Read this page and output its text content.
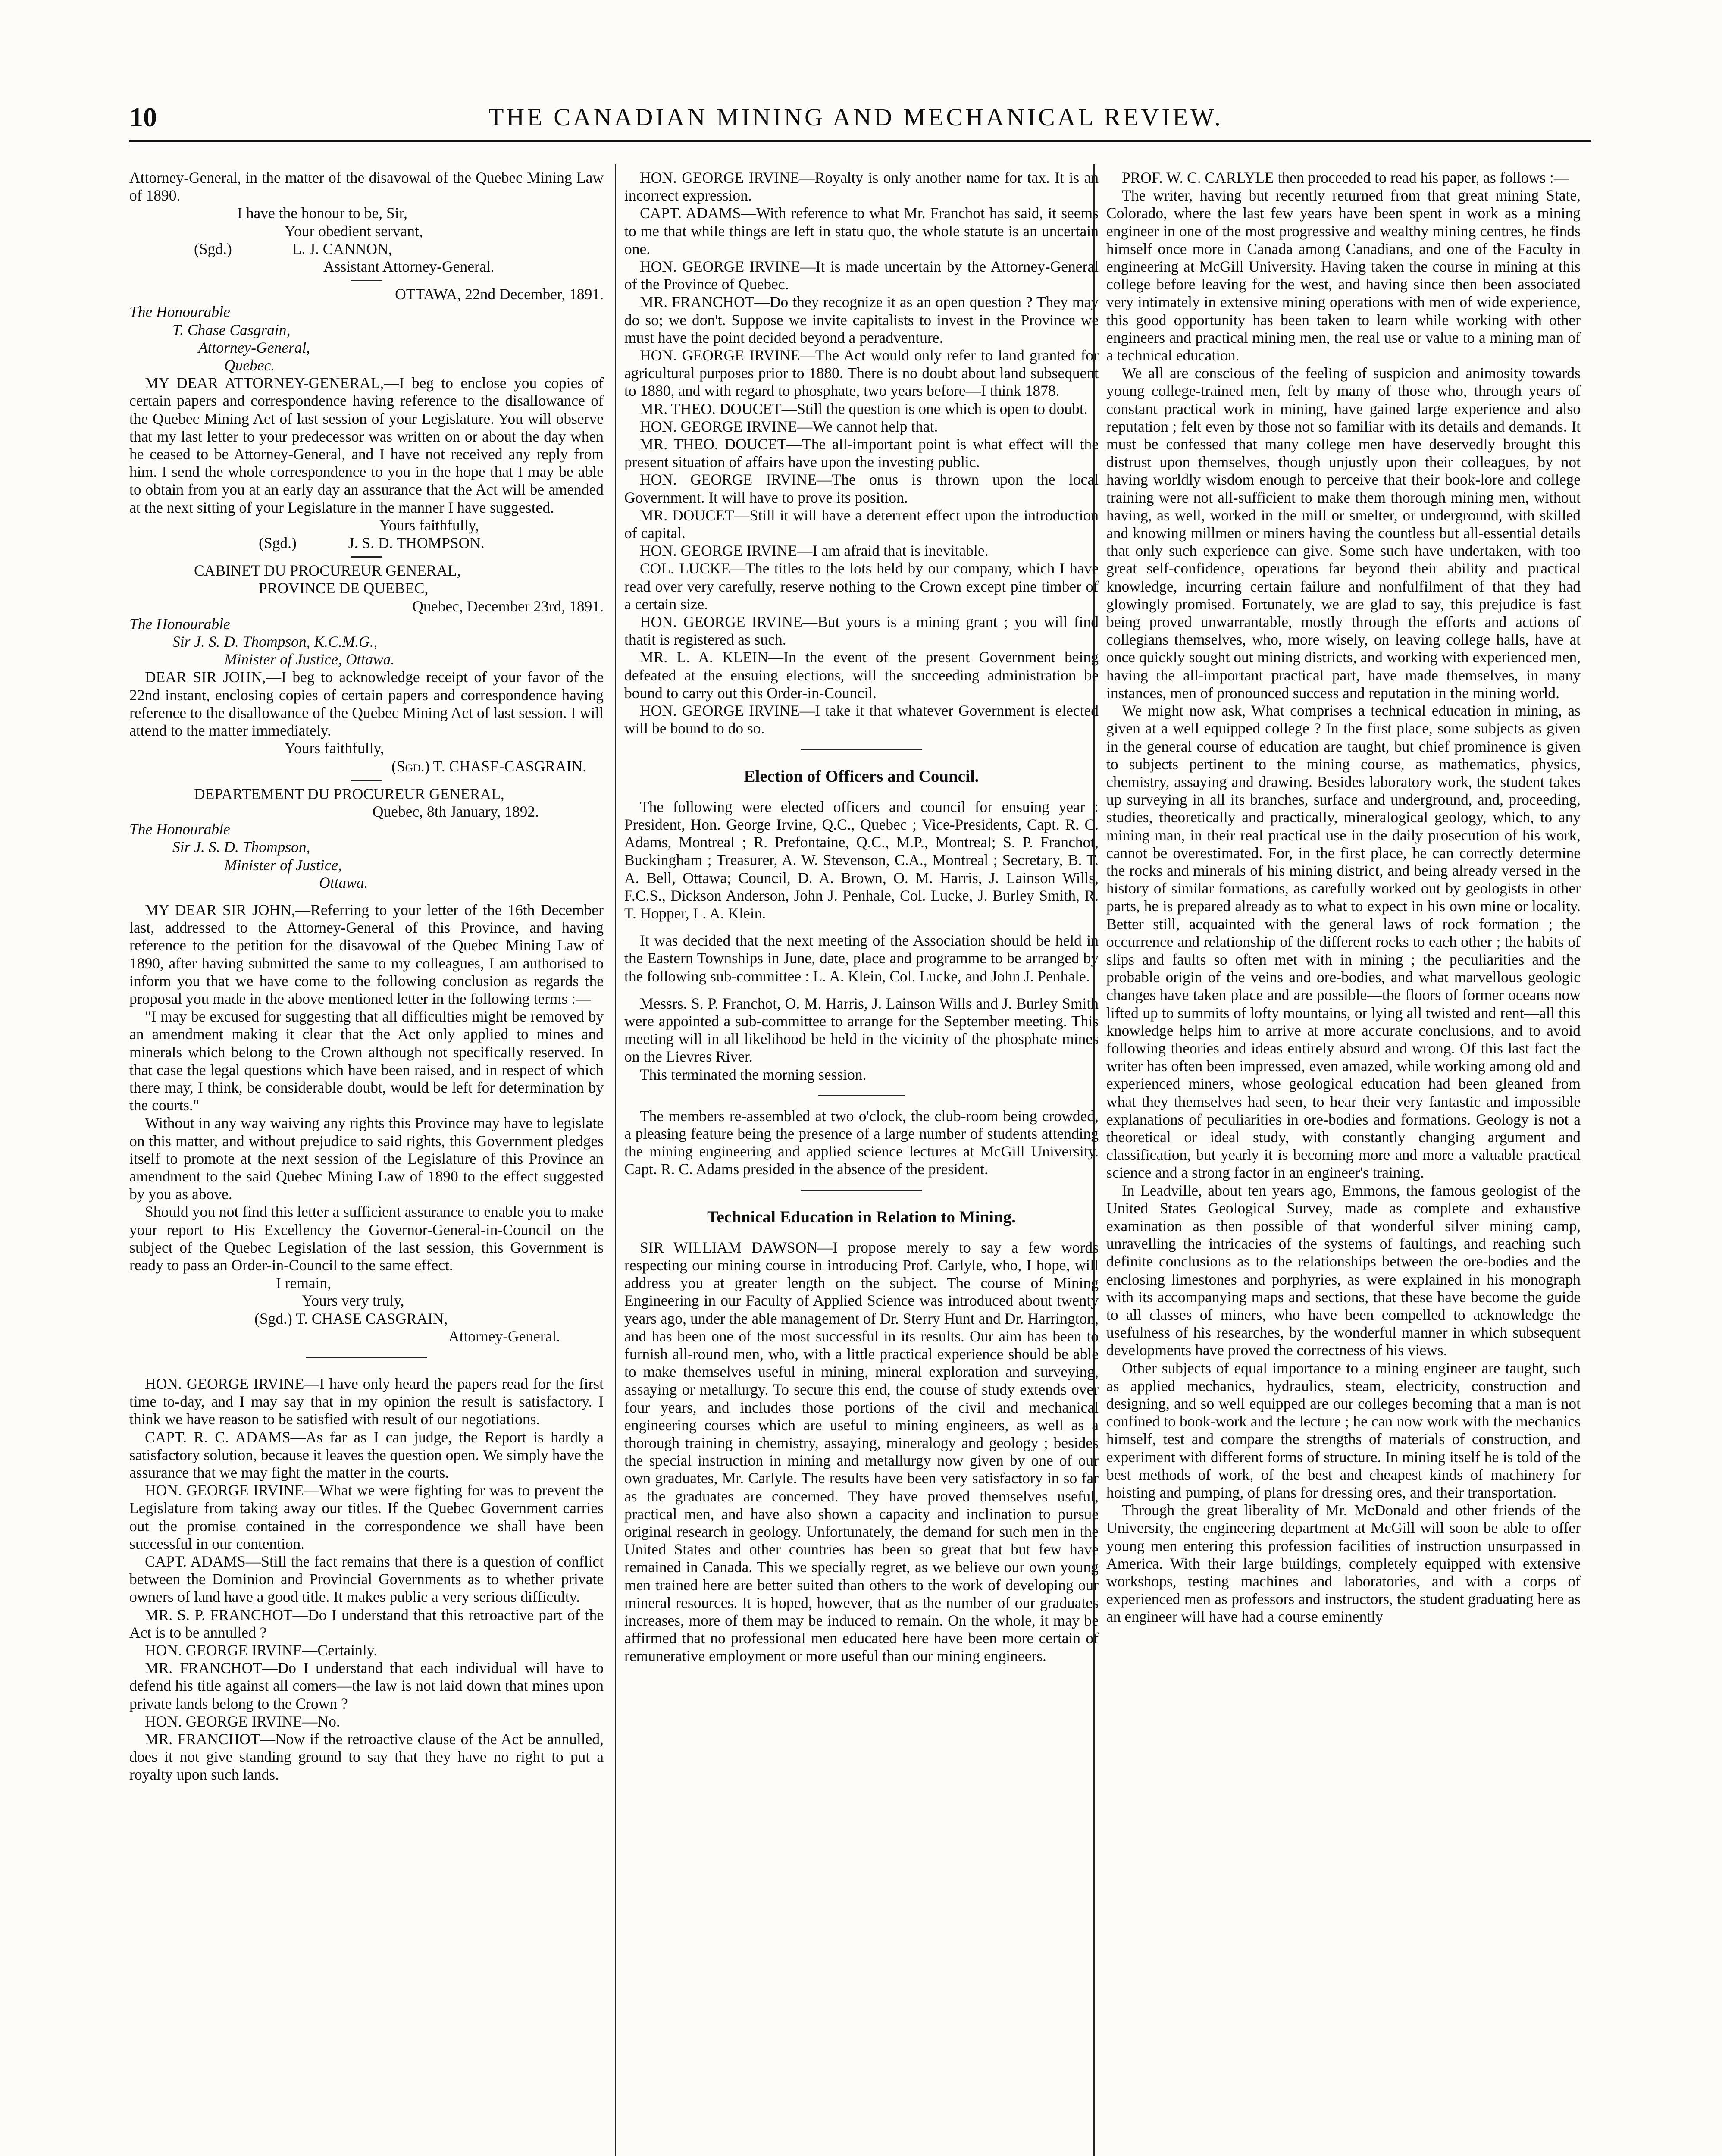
10	THE CANADIAN MINING AND MECHANICAL REVIEW.

Attorney-General, in the matter of the disavowal of the Quebec Mining Law of 1890.

I have the honour to be, Sir,

Your obedient servant,

(Sgd.)	L. J. CANNON,

Assistant Attorney-General.

OTTAWA, 22nd December, 1891.

The Honourable

T. Chase Casgrain,

Attorney-General,

Quebec.

MY DEAR ATTORNEY-GENERAL,—I beg to enclose you copies of certain papers and correspondence having reference to the disallowance of the Quebec Mining Act of last session of your Legislature. You will observe that my last letter to your predecessor was written on or about the day when he ceased to be Attorney-General, and I have not received any reply from him. I send the whole correspondence to you in the hope that I may be able to obtain from you at an early day an assurance that the Act will be amended at the next sitting of your Legislature in the manner I have suggested.

Yours faithfully,

(Sgd.)	J. S. D. THOMPSON.

CABINET DU PROCUREUR GENERAL,

PROVINCE DE QUEBEC,

Quebec, December 23rd, 1891.

The Honourable

Sir J. S. D. Thompson, K.C.M.G.,

Minister of Justice, Ottawa.

DEAR SIR JOHN,—I beg to acknowledge receipt of your favor of the 22nd instant, enclosing copies of certain papers and correspondence having reference to the disallowance of the Quebec Mining Act of last session. I will attend to the matter immediately.

Yours faithfully,

(Sgd.) T. CHASE-CASGRAIN.

DEPARTEMENT DU PROCUREUR GENERAL,

Quebec, 8th January, 1892.

The Honourable

Sir J. S. D. Thompson,

Minister of Justice,

Ottawa.

MY DEAR SIR JOHN,—Referring to your letter of the 16th December last, addressed to the Attorney-General of this Province, and having reference to the petition for the disavowal of the Quebec Mining Law of 1890, after having submitted the same to my colleagues, I am authorised to inform you that we have come to the following conclusion as regards the proposal you made in the above mentioned letter in the following terms :—

"I may be excused for suggesting that all difficulties might be removed by an amendment making it clear that the Act only applied to mines and minerals which belong to the Crown although not specifically reserved. In that case the legal questions which have been raised, and in respect of which there may, I think, be considerable doubt, would be left for determination by the courts."

Without in any way waiving any rights this Province may have to legislate on this matter, and without prejudice to said rights, this Government pledges itself to promote at the next session of the Legislature of this Province an amendment to the said Quebec Mining Law of 1890 to the effect suggested by you as above.

Should you not find this letter a sufficient assurance to enable you to make your report to His Excellency the Governor-General-in-Council on the subject of the Quebec Legislation of the last session, this Government is ready to pass an Order-in-Council to the same effect.

I remain,

Yours very truly,

(Sgd.) T. CHASE CASGRAIN,

Attorney-General.

HON. GEORGE IRVINE—I have only heard the papers read for the first time to-day, and I may say that in my opinion the result is satisfactory. I think we have reason to be satisfied with result of our negotiations.

CAPT. R. C. ADAMS—As far as I can judge, the Report is hardly a satisfactory solution, because it leaves the question open. We simply have the assurance that we may fight the matter in the courts.

HON. GEORGE IRVINE—What we were fighting for was to prevent the Legislature from taking away our titles. If the Quebec Government carries out the promise contained in the correspondence we shall have been successful in our contention.

CAPT. ADAMS—Still the fact remains that there is a question of conflict between the Dominion and Provincial Governments as to whether private owners of land have a good title. It makes public a very serious difficulty.

MR. S. P. FRANCHOT—Do I understand that this retroactive part of the Act is to be annulled ?

HON. GEORGE IRVINE—Certainly.

MR. FRANCHOT—Do I understand that each individual will have to defend his title against all comers—the law is not laid down that mines upon private lands belong to the Crown ?

HON. GEORGE IRVINE—No.

MR. FRANCHOT—Now if the retroactive clause of the Act be annulled, does it not give standing ground to say that they have no right to put a royalty upon such lands.

HON. GEORGE IRVINE—Royalty is only another name for tax. It is an incorrect expression.

CAPT. ADAMS—With reference to what Mr. Franchot has said, it seems to me that while things are left in statu quo, the whole statute is an uncertain one.

HON. GEORGE IRVINE—It is made uncertain by the Attorney-General of the Province of Quebec.

MR. FRANCHOT—Do they recognize it as an open question ? They may do so; we don't. Suppose we invite capitalists to invest in the Province we must have the point decided beyond a peradventure.

HON. GEORGE IRVINE—The Act would only refer to land granted for agricultural purposes prior to 1880. There is no doubt about land subsequent to 1880, and with regard to phosphate, two years before—I think 1878.

MR. THEO. DOUCET—Still the question is one which is open to doubt.

HON. GEORGE IRVINE—We cannot help that.

MR. THEO. DOUCET—The all-important point is what effect will the present situation of affairs have upon the investing public.

HON. GEORGE IRVINE—The onus is thrown upon the local Government. It will have to prove its position.

MR. DOUCET—Still it will have a deterrent effect upon the introduction of capital.

HON. GEORGE IRVINE—I am afraid that is inevitable.

COL. LUCKE—The titles to the lots held by our company, which I have read over very carefully, reserve nothing to the Crown except pine timber of a certain size.

HON. GEORGE IRVINE—But yours is a mining grant ; you will find thatit is registered as such.

MR. L. A. KLEIN—In the event of the present Government being defeated at the ensuing elections, will the succeeding administration be bound to carry out this Order-in-Council.

HON. GEORGE IRVINE—I take it that whatever Government is elected will be bound to do so.

Election of Officers and Council.

The following were elected officers and council for ensuing year : President, Hon. George Irvine, Q.C., Quebec ; Vice-Presidents, Capt. R. C. Adams, Montreal ; R. Prefontaine, Q.C., M.P., Montreal; S. P. Franchot, Buckingham ; Treasurer, A. W. Stevenson, C.A., Montreal ; Secretary, B. T. A. Bell, Ottawa; Council, D. A. Brown, O. M. Harris, J. Lainson Wills, F.C.S., Dickson Anderson, John J. Penhale, Col. Lucke, J. Burley Smith, R. T. Hopper, L. A. Klein.

It was decided that the next meeting of the Association should be held in the Eastern Townships in June, date, place and programme to be arranged by the following sub-committee : L. A. Klein, Col. Lucke, and John J. Penhale.

Messrs. S. P. Franchot, O. M. Harris, J. Lainson Wills and J. Burley Smith were appointed a sub-committee to arrange for the September meeting. This meeting will in all likelihood be held in the vicinity of the phosphate mines on the Lievres River.

This terminated the morning session.

The members re-assembled at two o'clock, the club-room being crowded, a pleasing feature being the presence of a large number of students attending the mining engineering and applied science lectures at McGill University. Capt. R. C. Adams presided in the absence of the president.

Technical Education in Relation to Mining.

SIR WILLIAM DAWSON—I propose merely to say a few words respecting our mining course in introducing Prof. Carlyle, who, I hope, will address you at greater length on the subject. The course of Mining Engineering in our Faculty of Applied Science was introduced about twenty years ago, under the able management of Dr. Sterry Hunt and Dr. Harrington, and has been one of the most successful in its results. Our aim has been to furnish all-round men, who, with a little practical experience should be able to make themselves useful in mining, mineral exploration and surveying, assaying or metallurgy. To secure this end, the course of study extends over four years, and includes those portions of the civil and mechanical engineering courses which are useful to mining engineers, as well as a thorough training in chemistry, assaying, mineralogy and geology ; besides the special instruction in mining and metallurgy now given by one of our own graduates, Mr. Carlyle. The results have been very satisfactory in so far as the graduates are concerned. They have proved themselves useful, practical men, and have also shown a capacity and inclination to pursue original research in geology. Unfortunately, the demand for such men in the United States and other countries has been so great that but few have remained in Canada. This we specially regret, as we believe our own young men trained here are better suited than others to the work of developing our mineral resources. It is hoped, however, that as the number of our graduates increases, more of them may be induced to remain. On the whole, it may be affirmed that no professional men educated here have been more certain of remunerative employment or more useful than our mining engineers.

PROF. W. C. CARLYLE then proceeded to read his paper, as follows :—

The writer, having but recently returned from that great mining State, Colorado, where the last few years have been spent in work as a mining engineer in one of the most progressive and wealthy mining centres, he finds himself once more in Canada among Canadians, and one of the Faculty in engineering at McGill University. Having taken the course in mining at this college before leaving for the west, and having since then been associated very intimately in extensive mining operations with men of wide experience, this good opportunity has been taken to learn while working with other engineers and practical mining men, the real use or value to a mining man of a technical education.

We all are conscious of the feeling of suspicion and animosity towards young college-trained men, felt by many of those who, through years of constant practical work in mining, have gained large experience and also reputation ; felt even by those not so familiar with its details and demands. It must be confessed that many college men have deservedly brought this distrust upon themselves, though unjustly upon their colleagues, by not having worldly wisdom enough to perceive that their book-lore and college training were not all-sufficient to make them thorough mining men, without having, as well, worked in the mill or smelter, or underground, with skilled and knowing millmen or miners having the countless but all-essential details that only such experience can give. Some such have undertaken, with too great self-confidence, operations far beyond their ability and practical knowledge, incurring certain failure and nonfulfilment of that they had glowingly promised. Fortunately, we are glad to say, this prejudice is fast being proved unwarrantable, mostly through the efforts and actions of collegians themselves, who, more wisely, on leaving college halls, have at once quickly sought out mining districts, and working with experienced men, having the all-important practical part, have made themselves, in many instances, men of pronounced success and reputation in the mining world.

We might now ask, What comprises a technical education in mining, as given at a well equipped college ? In the first place, some subjects as given in the general course of education are taught, but chief prominence is given to subjects pertinent to the mining course, as mathematics, physics, chemistry, assaying and drawing. Besides laboratory work, the student takes up surveying in all its branches, surface and underground, and, proceeding, studies, theoretically and practically, mineralogical geology, which, to any mining man, in their real practical use in the daily prosecution of his work, cannot be overestimated. For, in the first place, he can correctly determine the rocks and minerals of his mining district, and being already versed in the history of similar formations, as carefully worked out by geologists in other parts, he is prepared already as to what to expect in his own mine or locality. Better still, acquainted with the general laws of rock formation ; the occurrence and relationship of the different rocks to each other ; the habits of slips and faults so often met with in mining ; the peculiarities and the probable origin of the veins and ore-bodies, and what marvellous geologic changes have taken place and are possible—the floors of former oceans now lifted up to summits of lofty mountains, or lying all twisted and rent—all this knowledge helps him to arrive at more accurate conclusions, and to avoid following theories and ideas entirely absurd and wrong. Of this last fact the writer has often been impressed, even amazed, while working among old and experienced miners, whose geological education had been gleaned from what they themselves had seen, to hear their very fantastic and impossible explanations of peculiarities in ore-bodies and formations. Geology is not a theoretical or ideal study, with constantly changing argument and classification, but yearly it is becoming more and more a valuable practical science and a strong factor in an engineer's training.

In Leadville, about ten years ago, Emmons, the famous geologist of the United States Geological Survey, made as complete and exhaustive examination as then possible of that wonderful silver mining camp, unravelling the intricacies of the systems of faultings, and reaching such definite conclusions as to the relationships between the ore-bodies and the enclosing limestones and porphyries, as were explained in his monograph with its accompanying maps and sections, that these have become the guide to all classes of miners, who have been compelled to acknowledge the usefulness of his researches, by the wonderful manner in which subsequent developments have proved the correctness of his views.

Other subjects of equal importance to a mining engineer are taught, such as applied mechanics, hydraulics, steam, electricity, construction and designing, and so well equipped are our colleges becoming that a man is not confined to book-work and the lecture ; he can now work with the mechanics himself, test and compare the strengths of materials of construction, and experiment with different forms of structure. In mining itself he is told of the best methods of work, of the best and cheapest kinds of machinery for hoisting and pumping, of plans for dressing ores, and their transportation.

Through the great liberality of Mr. McDonald and other friends of the University, the engineering department at McGill will soon be able to offer young men entering this profession facilities of instruction unsurpassed in America. With their large buildings, completely equipped with extensive workshops, testing machines and laboratories, and with a corps of experienced men as professors and instructors, the student graduating here as an engineer will have had a course eminently
